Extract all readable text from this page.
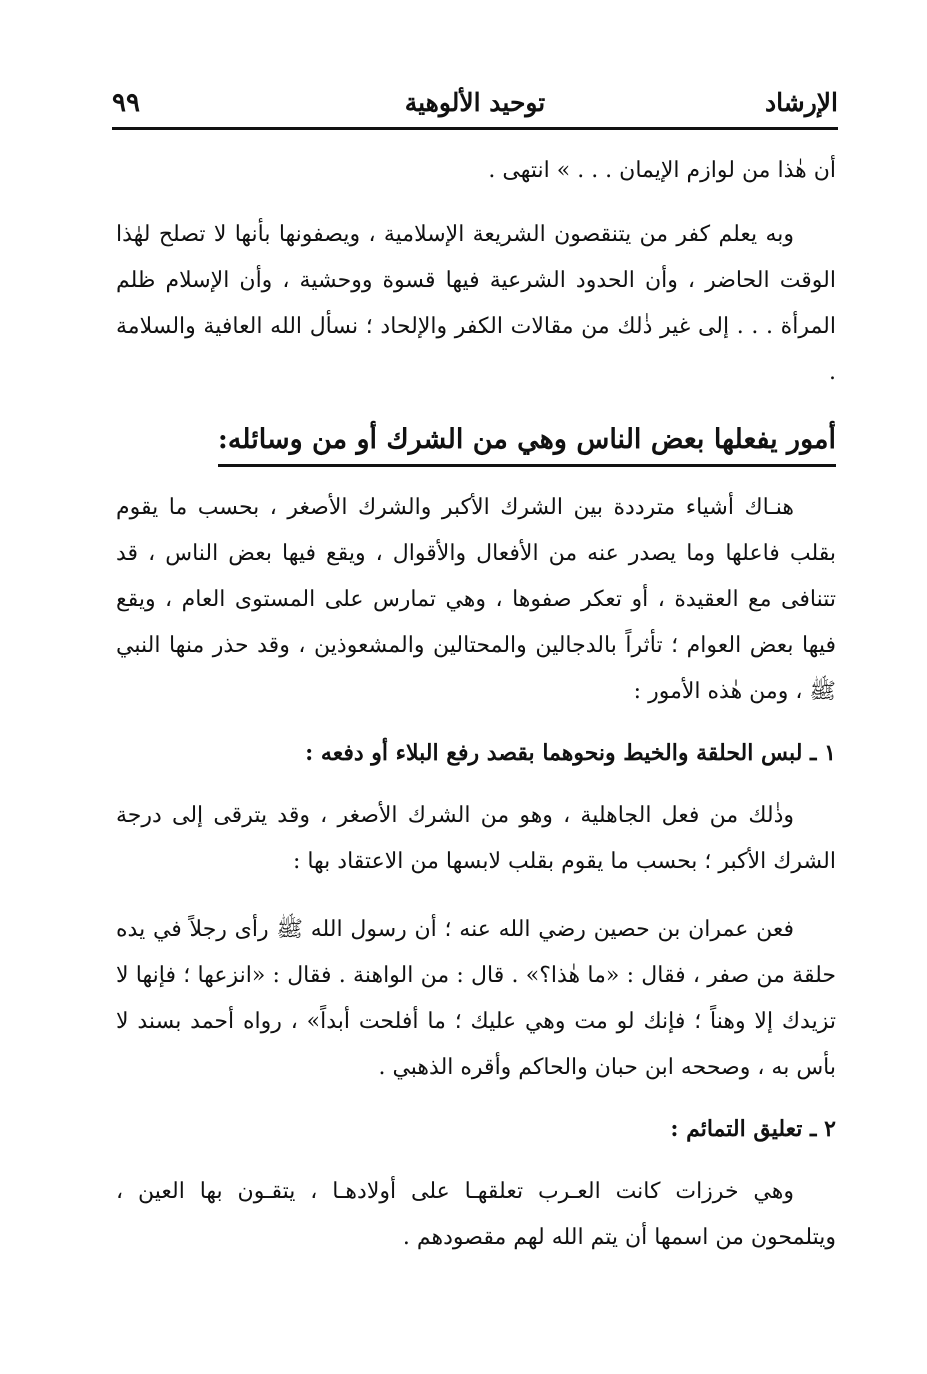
الإرشاد
توحيد الألوهية
٩٩

أن هٰذا من لوازم الإيمان . . . » انتهى .

وبه يعلم كفر من يتنقصون الشريعة الإسلامية ، ويصفونها بأنها لا تصلح لهٰذا الوقت الحاضر ، وأن الحدود الشرعية فيها قسوة ووحشية ، وأن الإسلام ظلم المرأة . . . إلى غير ذٰلك من مقالات الكفر والإلحاد ؛ نسأل الله العافية والسلامة .

أمور يفعلها بعض الناس وهي من الشرك أو من وسائله:

هنـاك أشياء مترددة بين الشرك الأكبر والشرك الأصغر ، بحسب ما يقوم بقلب فاعلها وما يصدر عنه من الأفعال والأقوال ، ويقع فيها بعض الناس ، قد تتنافى مع العقيدة ، أو تعكر صفوها ، وهي تمارس على المستوى العام ، ويقع فيها بعض العوام ؛ تأثراً بالدجالين والمحتالين والمشعوذين ، وقد حذر منها النبي ﷺ ، ومن هٰذه الأمور :

١ ـ لبس الحلقة والخيط ونحوهما بقصد رفع البلاء أو دفعه :

وذٰلك من فعل الجاهلية ، وهو من الشرك الأصغر ، وقد يترقى إلى درجة الشرك الأكبر ؛ بحسب ما يقوم بقلب لابسها من الاعتقاد بها :

فعن عمران بن حصين رضي الله عنه ؛ أن رسول الله ﷺ رأى رجلاً في يده حلقة من صفر ، فقال : «ما هٰذا؟» . قال : من الواهنة . فقال : «انزعها ؛ فإنها لا تزيدك إلا وهناً ؛ فإنك لو مت وهي عليك ؛ ما أفلحت أبداً» ، رواه أحمد بسند لا بأس به ، وصححه ابن حبان والحاكم وأقره الذهبي .

٢ ـ تعليق التمائم :

وهي خرزات كانت العـرب تعلقهـا على أولادهـا ، يتقـون بها العين ، ويتلمحون من اسمها أن يتم الله لهم مقصودهم .
